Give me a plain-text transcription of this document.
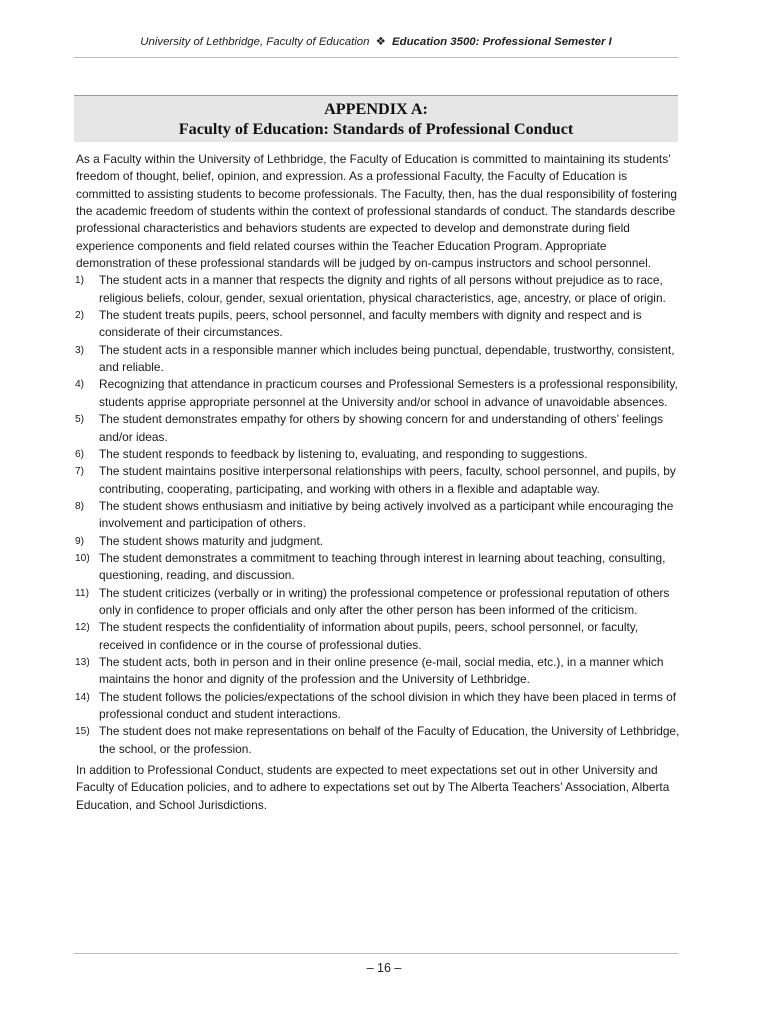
University of Lethbridge, Faculty of Education ❖ Education 3500: Professional Semester I
APPENDIX A:
Faculty of Education: Standards of Professional Conduct

As a Faculty within the University of Lethbridge, the Faculty of Education is committed to maintaining its students’ freedom of thought, belief, opinion, and expression. As a professional Faculty, the Faculty of Education is committed to assisting students to become professionals. The Faculty, then, has the dual responsibility of fostering the academic freedom of students within the context of professional standards of conduct. The standards describe professional characteristics and behaviors students are expected to develop and demonstrate during field experience components and field related courses within the Teacher Education Program. Appropriate demonstration of these professional standards will be judged by on-campus instructors and school personnel.

1)	The student acts in a manner that respects the dignity and rights of all persons without prejudice as to race, religious beliefs, colour, gender, sexual orientation, physical characteristics, age, ancestry, or place of origin.
2)	The student treats pupils, peers, school personnel, and faculty members with dignity and respect and is considerate of their circumstances.
3)	The student acts in a responsible manner which includes being punctual, dependable, trustworthy, consistent, and reliable.
4)	Recognizing that attendance in practicum courses and Professional Semesters is a professional responsibility, students apprise appropriate personnel at the University and/or school in advance of unavoidable absences.
5)	The student demonstrates empathy for others by showing concern for and understanding of others’ feelings and/or ideas.
6)	The student responds to feedback by listening to, evaluating, and responding to suggestions.
7)	The student maintains positive interpersonal relationships with peers, faculty, school personnel, and pupils, by contributing, cooperating, participating, and working with others in a flexible and adaptable way.
8)	The student shows enthusiasm and initiative by being actively involved as a participant while encouraging the involvement and participation of others.
9)	The student shows maturity and judgment.
10) The student demonstrates a commitment to teaching through interest in learning about teaching, consulting, questioning, reading, and discussion.
11) The student criticizes (verbally or in writing) the professional competence or professional reputation of others only in confidence to proper officials and only after the other person has been informed of the criticism.
12) The student respects the confidentiality of information about pupils, peers, school personnel, or faculty, received in confidence or in the course of professional duties.
13) The student acts, both in person and in their online presence (e-mail, social media, etc.), in a manner which maintains the honor and dignity of the profession and the University of Lethbridge.
14) The student follows the policies/expectations of the school division in which they have been placed in terms of professional conduct and student interactions.
15) The student does not make representations on behalf of the Faculty of Education, the University of Lethbridge, the school, or the profession.

In addition to Professional Conduct, students are expected to meet expectations set out in other University and Faculty of Education policies, and to adhere to expectations set out by The Alberta Teachers’ Association, Alberta Education, and School Jurisdictions.

– 16 –
